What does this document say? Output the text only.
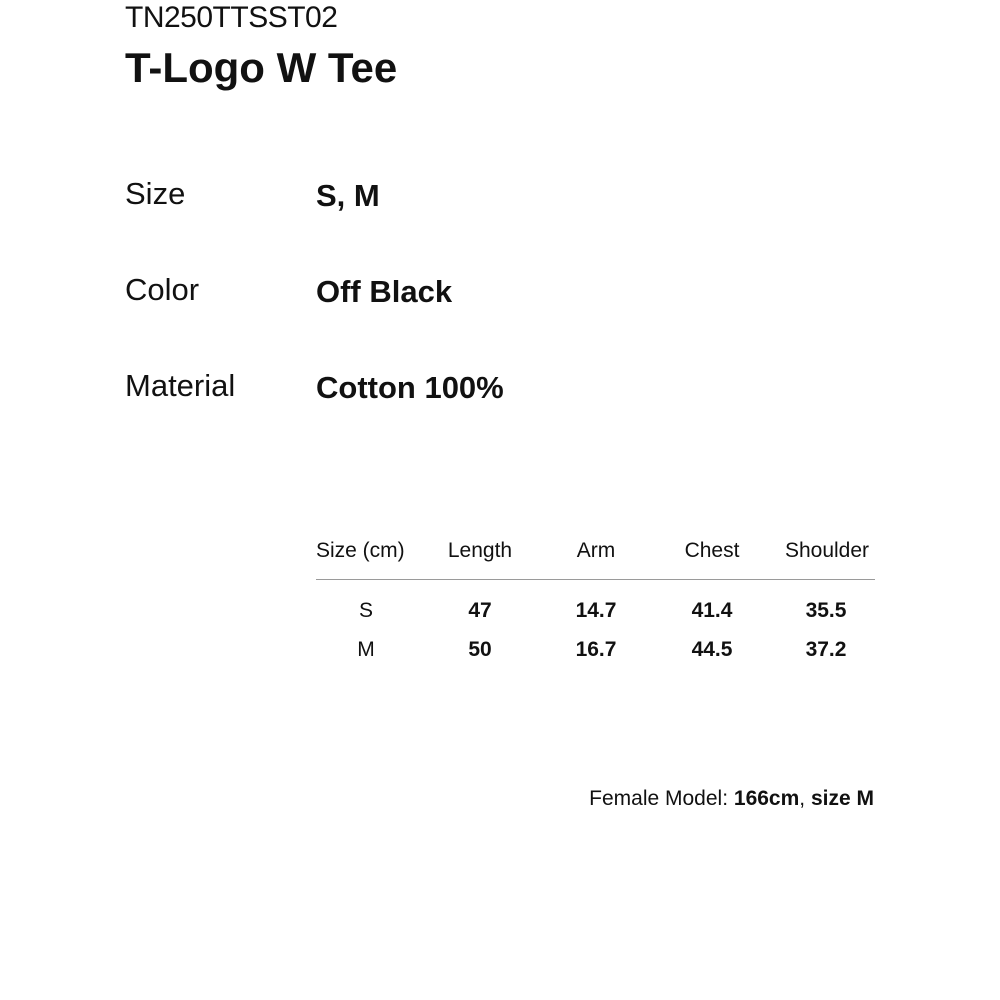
TN250TTSST02
T-Logo W Tee
Size	S, M
Color	Off Black
Material	Cotton 100%
Size (cm)	Length	Arm	Chest	Shoulder
S	47	14.7	41.4	35.5
M	50	16.7	44.5	37.2
Female Model: 166cm, size M
